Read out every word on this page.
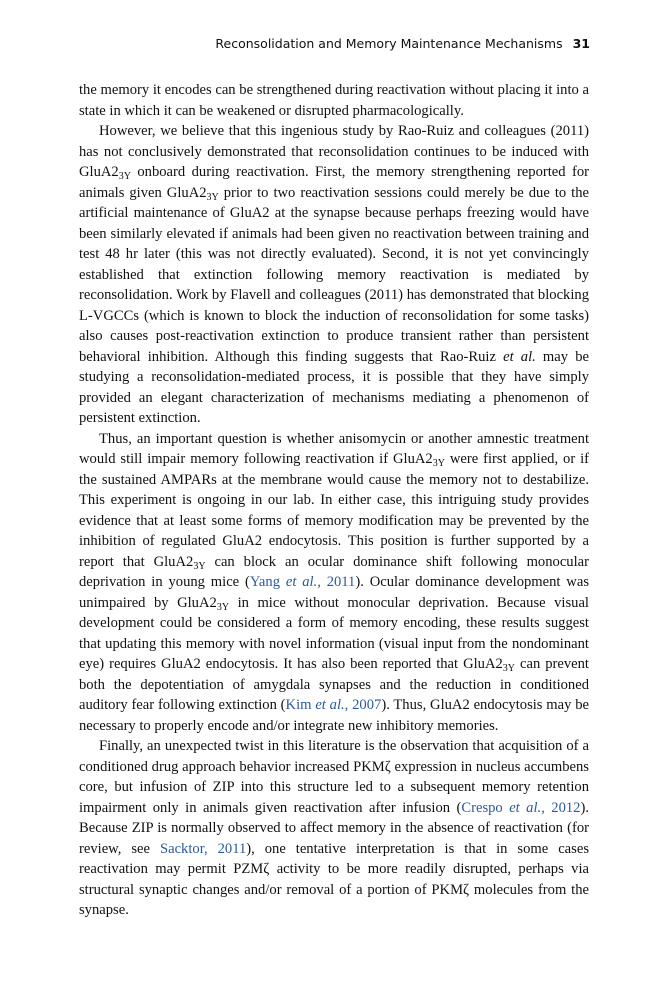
Reconsolidation and Memory Maintenance Mechanisms 31

the memory it encodes can be strengthened during reactivation without placing it into a state in which it can be weakened or disrupted pharmacologically.

However, we believe that this ingenious study by Rao-Ruiz and colleagues (2011) has not conclusively demonstrated that reconsolidation continues to be induced with $GluA2_{3Y}$ onboard during reactivation. First, the memory strengthening reported for animals given $GluA2_{3Y}$ prior to two reactivation sessions could merely be due to the artificial maintenance of GluA2 at the synapse because perhaps freezing would have been similarly elevated if animals had been given no reactivation between training and test 48 hr later (this was not directly evaluated). Second, it is not yet convincingly established that extinction following memory reactivation is mediated by reconsolidation. Work by Flavell and colleagues (2011) has demonstrated that blocking L-VGCCs (which is known to block the induction of reconsolidation for some tasks) also causes post-reactivation extinction to produce transient rather than persistent behavioral inhibition. Although this finding suggests that Rao-Ruiz et al. may be studying a reconsolidation-mediated process, it is possible that they have simply provided an elegant characterization of mechanisms mediating a phenomenon of persistent extinction.

Thus, an important question is whether anisomycin or another amnestic treatment would still impair memory following reactivation if $GluA2_{3Y}$ were first applied, or if the sustained AMPARs at the membrane would cause the memory not to destabilize. This experiment is ongoing in our lab. In either case, this intriguing study provides evidence that at least some forms of memory modification may be prevented by the inhibition of regulated GluA2 endocytosis. This position is further supported by a report that $GluA2_{3Y}$ can block an ocular dominance shift following monocular deprivation in young mice (Yang et al., 2011). Ocular dominance development was unimpaired by $GluA2_{3Y}$ in mice without monocular deprivation. Because visual development could be considered a form of memory encoding, these results suggest that updating this memory with novel information (visual input from the nondominant eye) requires GluA2 endocytosis. It has also been reported that $GluA2_{3Y}$ can prevent both the depotentiation of amygdala synapses and the reduction in conditioned auditory fear following extinction (Kim et al., 2007). Thus, GluA2 endocytosis may be necessary to properly encode and/or integrate new inhibitory memories.

Finally, an unexpected twist in this literature is the observation that acquisition of a conditioned drug approach behavior increased PKMζ expression in nucleus accumbens core, but infusion of ZIP into this structure led to a subsequent memory retention impairment only in animals given reactivation after infusion (Crespo et al., 2012). Because ZIP is normally observed to affect memory in the absence of reactivation (for review, see Sacktor, 2011), one tentative interpretation is that in some cases reactivation may permit PZMζ activity to be more readily disrupted, perhaps via structural synaptic changes and/or removal of a portion of PKMζ molecules from the synapse.
